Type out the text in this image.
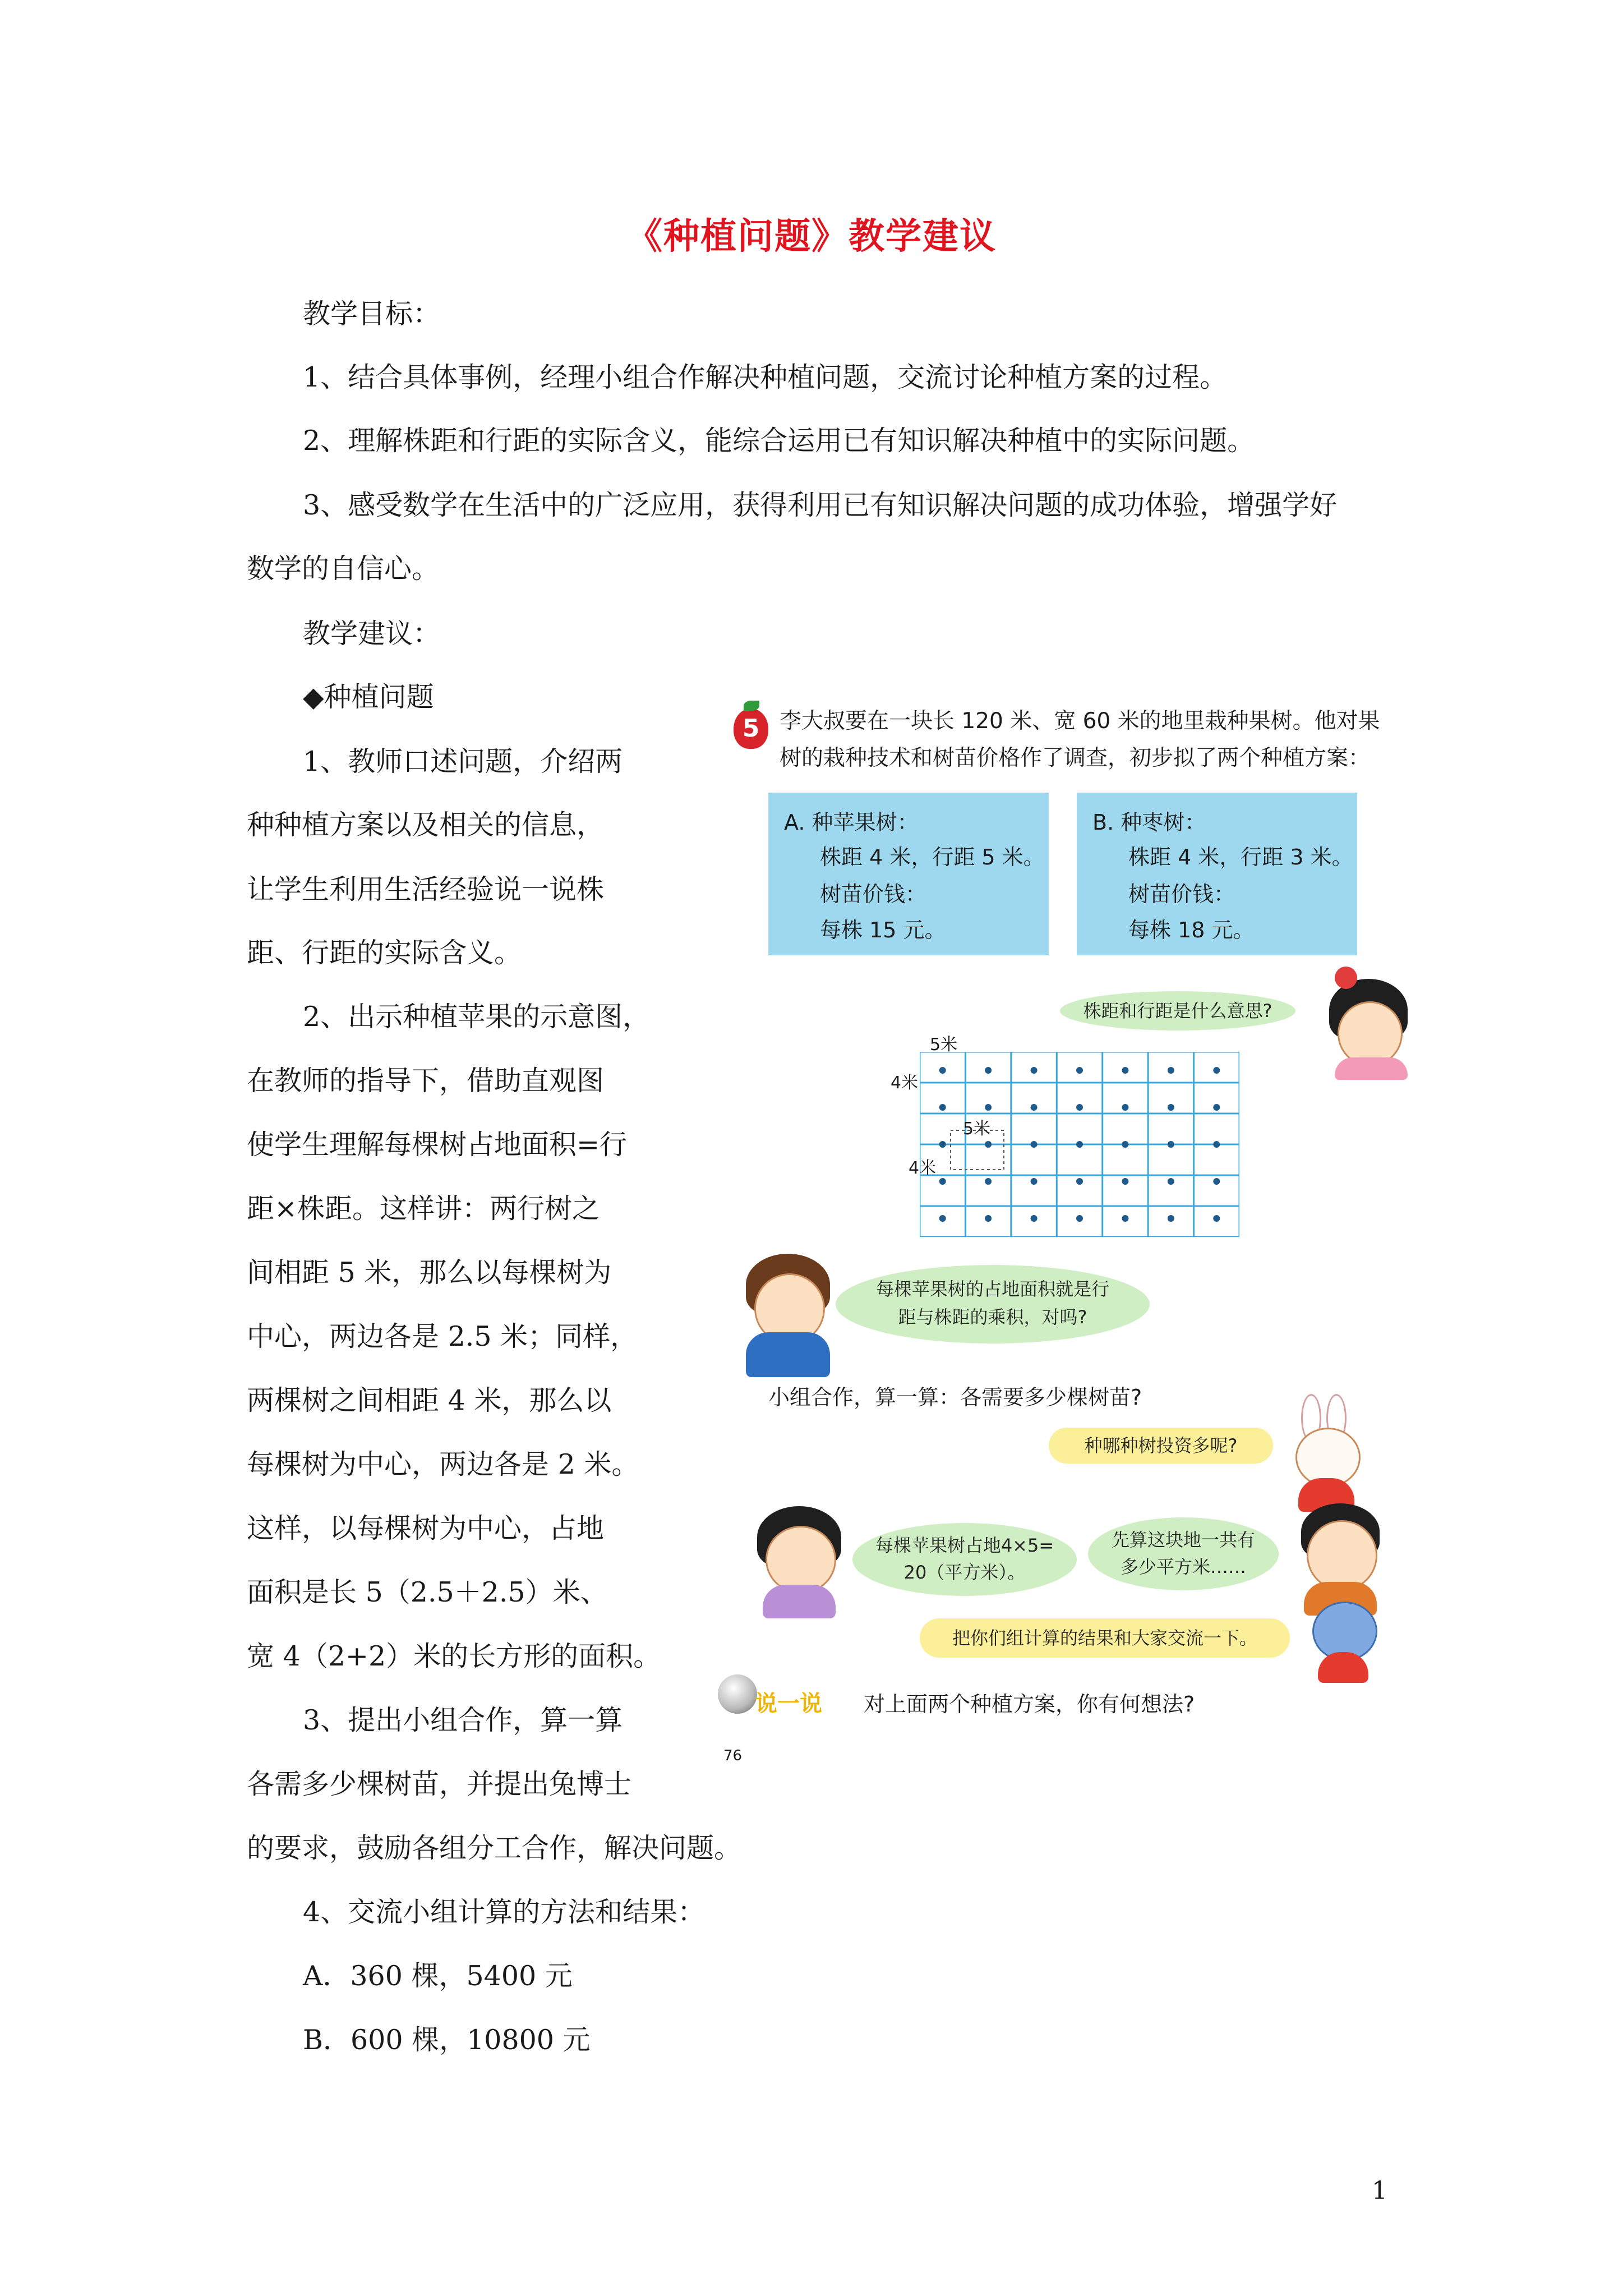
《种植问题》教学建议
教学目标：
1、结合具体事例，经理小组合作解决种植问题，交流讨论种植方案的过程。
2、理解株距和行距的实际含义，能综合运用已有知识解决种植中的实际问题。
3、感受数学在生活中的广泛应用，获得利用已有知识解决问题的成功体验，增强学好
数学的自信心。
教学建议：
◆种植问题
1、教师口述问题，介绍两
种种植方案以及相关的信息，
让学生利用生活经验说一说株
距、行距的实际含义。
2、出示种植苹果的示意图，
在教师的指导下，借助直观图
使学生理解每棵树占地面积=行
距×株距。这样讲：两行树之
间相距 5 米，那么以每棵树为
中心，两边各是 2.5 米；同样，
两棵树之间相距 4 米，那么以
每棵树为中心，两边各是 2 米。
这样，以每棵树为中心，占地
面积是长 5（2.5＋2.5）米、
宽 4（2+2）米的长方形的面积。
3、提出小组合作，算一算
各需多少棵树苗，并提出兔博士
的要求，鼓励各组分工合作，解决问题。
4、交流小组计算的方法和结果：
A．360 棵，5400 元
B．600 棵，10800 元
1
5 李大叔要在一块长 120 米、宽 60 米的地里栽种果树。他对果
树的栽种技术和树苗价格作了调查，初步拟了两个种植方案：
A. 种苹果树：
株距 4 米，行距 5 米。
树苗价钱：
每株 15 元。
B. 种枣树：
株距 4 米，行距 3 米。
树苗价钱：
每株 18 元。
株距和行距是什么意思?
5米
4米
5米
4米
每棵苹果树的占地面积就是行
距与株距的乘积，对吗?
小组合作，算一算：各需要多少棵树苗?
种哪种树投资多呢?
每棵苹果树占地4×5=
20（平方米）。
先算这块地一共有
多少平方米……
把你们组计算的结果和大家交流一下。
说一说 对上面两个种植方案，你有何想法?
76
